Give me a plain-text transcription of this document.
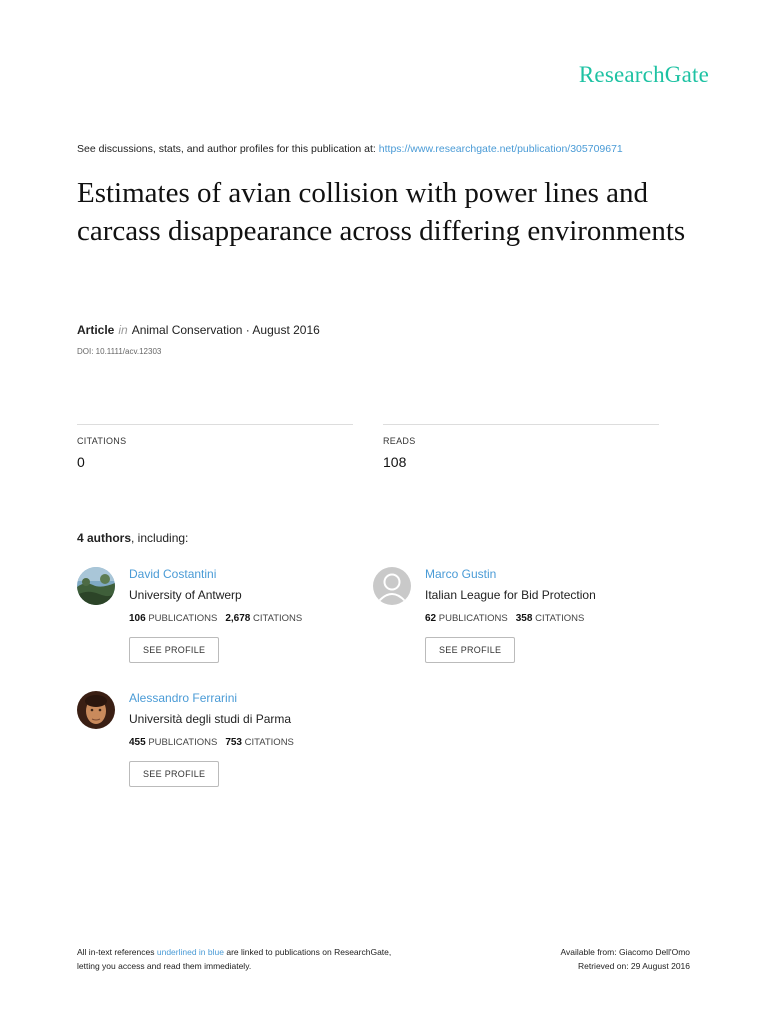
ResearchGate
See discussions, stats, and author profiles for this publication at: https://www.researchgate.net/publication/305709671
Estimates of avian collision with power lines and carcass disappearance across differing environments
Article in Animal Conservation · August 2016
DOI: 10.1111/acv.12303
CITATIONS
0
READS
108
4 authors, including:
David Costantini
University of Antwerp
106 PUBLICATIONS 2,678 CITATIONS
SEE PROFILE
Marco Gustin
Italian League for Bid Protection
62 PUBLICATIONS 358 CITATIONS
SEE PROFILE
Alessandro Ferrarini
Università degli studi di Parma
455 PUBLICATIONS 753 CITATIONS
SEE PROFILE
All in-text references underlined in blue are linked to publications on ResearchGate,
letting you access and read them immediately.
Available from: Giacomo Dell'Omo
Retrieved on: 29 August 2016
